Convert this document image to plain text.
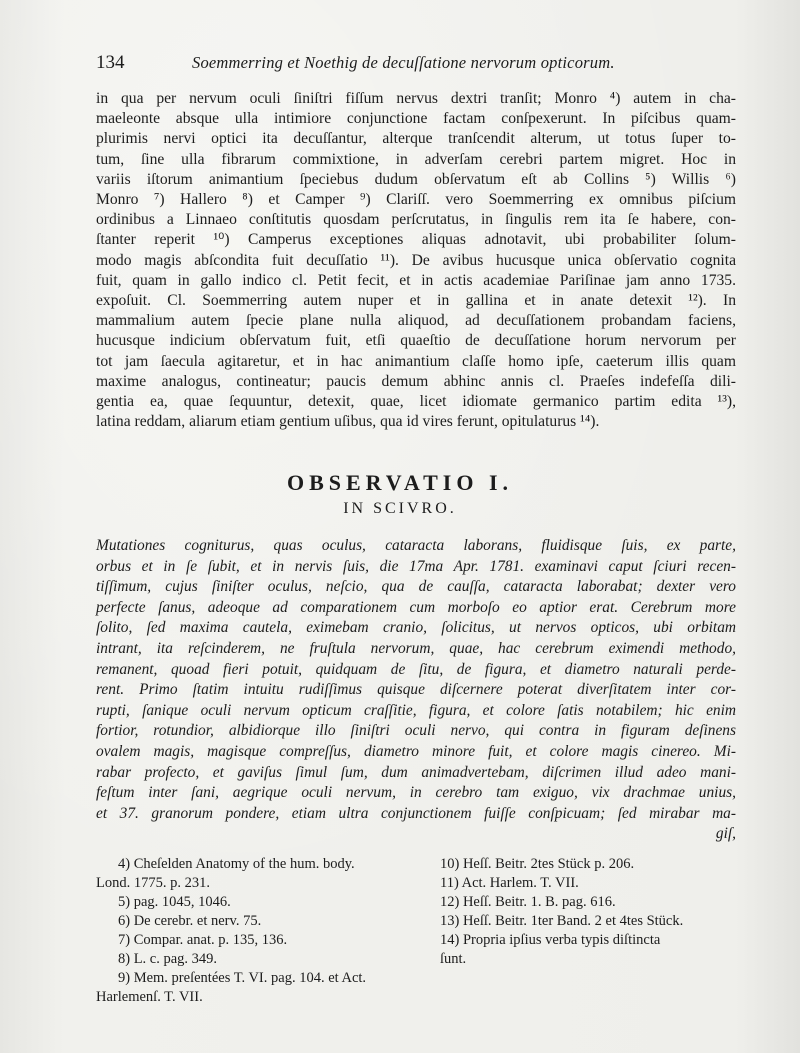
134	Soemmerring et Noethig de decuſſatione nervorum opticorum.
in qua per nervum oculi ſiniſtri fiſſum nervus dextri tranſit; Monro ⁴) autem in cha-
maeleonte absque ulla intimiore conjunctione factam conſpexerunt. In piſcibus quam-
plurimis nervi optici ita decuſſantur, alterque tranſcendit alterum, ut totus ſuper to-
tum, ſine ulla fibrarum commixtione, in adverſam cerebri partem migret. Hoc in
variis iſtorum animantium ſpeciebus dudum obſervatum eſt ab Collins ⁵) Willis ⁶)
Monro ⁷) Hallero ⁸) et Camper ⁹) Clariſſ. vero Soemmerring ex omnibus piſcium
ordinibus a Linnaeo conſtitutis quosdam perſcrutatus, in ſingulis rem ita ſe habere, con-
ſtanter reperit ¹⁰) Camperus exceptiones aliquas adnotavit, ubi probabiliter ſolum-
modo magis abſcondita fuit decuſſatio ¹¹). De avibus hucusque unica obſervatio cognita
fuit, quam in gallo indico cl. Petit fecit, et in actis academiae Pariſinae jam anno 1735.
expoſuit. Cl. Soemmerring autem nuper et in gallina et in anate detexit ¹²). In
mammalium autem ſpecie plane nulla aliquod, ad decuſſationem probandam faciens,
hucusque indicium obſervatum fuit, etſi quaeſtio de decuſſatione horum nervorum per
tot jam ſaecula agitaretur, et in hac animantium claſſe homo ipſe, caeterum illis quam
maxime analogus, contineatur; paucis demum abhinc annis cl. Praeſes indefeſſa dili-
gentia ea, quae ſequuntur, detexit, quae, licet idiomate germanico partim edita ¹³),
latina reddam, aliarum etiam gentium uſibus, qua id vires ferunt, opitulaturus ¹⁴).
OBSERVATIO I.
IN SCIVRO.
Mutationes cogniturus, quas oculus, cataracta laborans, fluidisque ſuis, ex parte,
orbus et in ſe ſubit, et in nervis ſuis, die 17ma Apr. 1781. examinavi caput ſciuri recen-
tiſſimum, cujus ſiniſter oculus, neſcio, qua de cauſſa, cataracta laborabat; dexter vero
perfecte ſanus, adeoque ad comparationem cum morboſo eo aptior erat. Cerebrum more
ſolito, ſed maxima cautela, eximebam cranio, ſolicitus, ut nervos opticos, ubi orbitam
intrant, ita reſcinderem, ne fruſtula nervorum, quae, hac cerebrum eximendi methodo,
remanent, quoad fieri potuit, quidquam de ſitu, de figura, et diametro naturali perde-
rent. Primo ſtatim intuitu rudiſſimus quisque diſcernere poterat diverſitatem inter cor-
rupti, ſanique oculi nervum opticum craſſitie, figura, et colore ſatis notabilem; hic enim
fortior, rotundior, albidiorque illo ſiniſtri oculi nervo, qui contra in figuram deſinens
ovalem magis, magisque compreſſus, diametro minore fuit, et colore magis cinereo. Mi-
rabar profecto, et gaviſus ſimul ſum, dum animadvertebam, diſcrimen illud adeo mani-
feſtum inter ſani, aegrique oculi nervum, in cerebro tam exiguo, vix drachmae unius,
et 37. granorum pondere, etiam ultra conjunctionem fuiſſe conſpicuam; ſed mirabar ma-
giſ,
4) Cheſelden Anatomy of the hum. body.
Lond. 1775. p. 231.
5) pag. 1045, 1046.
6) De cerebr. et nerv. 75.
7) Compar. anat. p. 135, 136.
8) L. c. pag. 349.
9) Mem. preſentées T. VI. pag. 104. et Act.
Harlemenſ. T. VII.
10) Heſſ. Beitr. 2tes Stück p. 206.
11) Act. Harlem. T. VII.
12) Heſſ. Beitr. 1. B. pag. 616.
13) Heſſ. Beitr. 1ter Band. 2 et 4tes Stück.
14) Propria ipſius verba typis diſtincta
ſunt.
